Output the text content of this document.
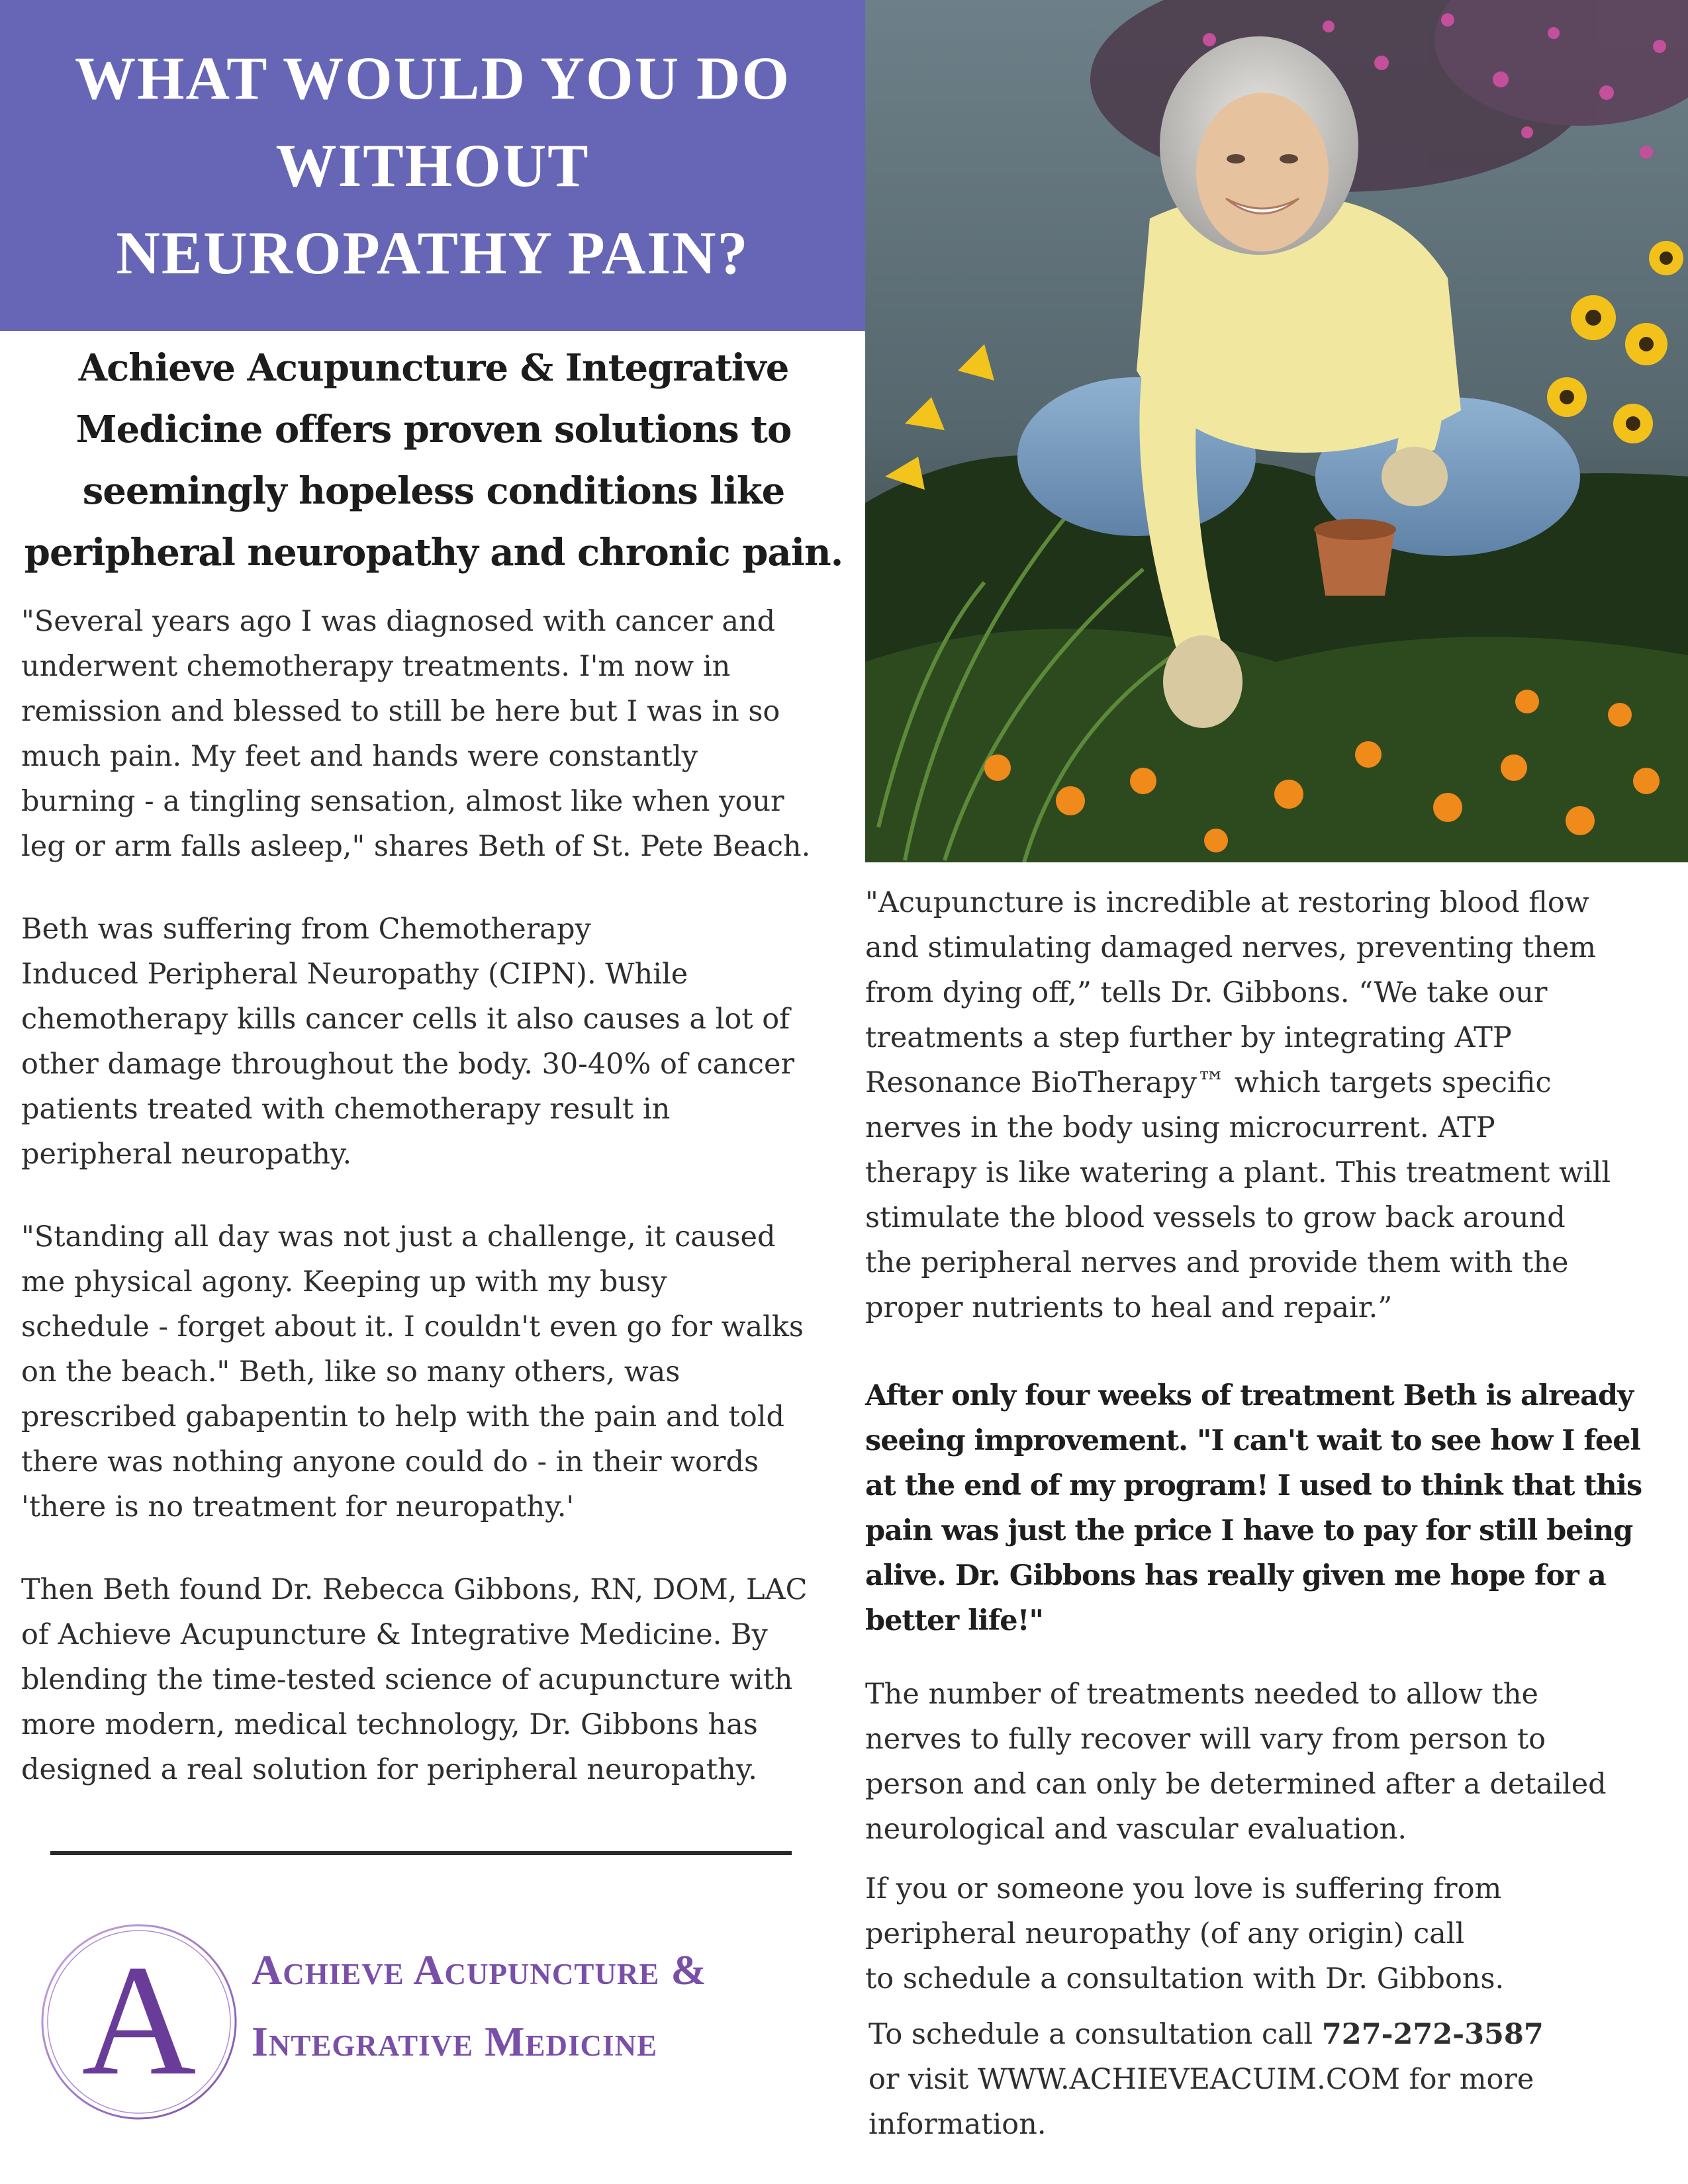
WHAT WOULD YOU DO
WITHOUT
NEUROPATHY PAIN?
Achieve Acupuncture & Integrative
Medicine offers proven solutions to
seemingly hopeless conditions like
peripheral neuropathy and chronic pain.
"Several years ago I was diagnosed with cancer and
underwent chemotherapy treatments. I'm now in
remission and blessed to still be here but I was in so
much pain. My feet and hands were constantly
burning - a tingling sensation, almost like when your
leg or arm falls asleep," shares Beth of St. Pete Beach.
Beth was suffering from Chemotherapy
Induced Peripheral Neuropathy (CIPN). While
chemotherapy kills cancer cells it also causes a lot of
other damage throughout the body. 30-40% of cancer
patients treated with chemotherapy result in
peripheral neuropathy.
"Standing all day was not just a challenge, it caused
me physical agony. Keeping up with my busy
schedule - forget about it. I couldn't even go for walks
on the beach." Beth, like so many others, was
prescribed gabapentin to help with the pain and told
there was nothing anyone could do - in their words
'there is no treatment for neuropathy.'
Then Beth found Dr. Rebecca Gibbons, RN, DOM, LAC
of Achieve Acupuncture & Integrative Medicine. By
blending the time-tested science of acupuncture with
more modern, medical technology, Dr. Gibbons has
designed a real solution for peripheral neuropathy.
A Achieve Acupuncture &
Integrative Medicine
"Acupuncture is incredible at restoring blood flow
and stimulating damaged nerves, preventing them
from dying off,” tells Dr. Gibbons. “We take our
treatments a step further by integrating ATP
Resonance BioTherapy™ which targets specific
nerves in the body using microcurrent. ATP
therapy is like watering a plant. This treatment will
stimulate the blood vessels to grow back around
the peripheral nerves and provide them with the
proper nutrients to heal and repair.”
After only four weeks of treatment Beth is already
seeing improvement. "I can't wait to see how I feel
at the end of my program! I used to think that this
pain was just the price I have to pay for still being
alive. Dr. Gibbons has really given me hope for a
better life!"
The number of treatments needed to allow the
nerves to fully recover will vary from person to
person and can only be determined after a detailed
neurological and vascular evaluation.
If you or someone you love is suffering from
peripheral neuropathy (of any origin) call
to schedule a consultation with Dr. Gibbons.
To schedule a consultation call 727-272-3587
or visit WWW.ACHIEVEACUIM.COM for more
information.
